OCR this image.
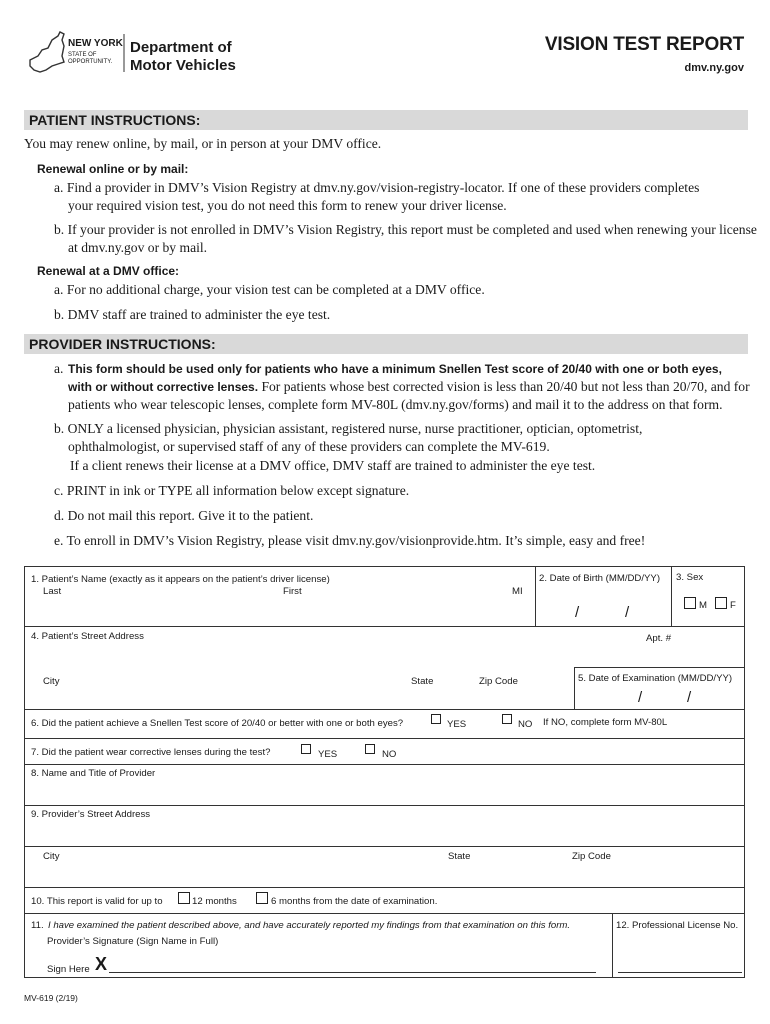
NEW YORK
STATE OF
OPPORTUNITY.
Department of
Motor Vehicles
VISION TEST REPORT
dmv.ny.gov
PATIENT INSTRUCTIONS:
You may renew online, by mail, or in person at your DMV office.
Renewal online or by mail:
a. Find a provider in DMV’s Vision Registry at dmv.ny.gov/vision-registry-locator. If one of these providers completes
your required vision test, you do not need this form to renew your driver license.
b. If your provider is not enrolled in DMV’s Vision Registry, this report must be completed and used when renewing your license
at dmv.ny.gov or by mail.
Renewal at a DMV office:
a. For no additional charge, your vision test can be completed at a DMV office.
b. DMV staff are trained to administer the eye test.
PROVIDER INSTRUCTIONS:
a. This form should be used only for patients who have a minimum Snellen Test score of 20/40 with one or both eyes,
with or without corrective lenses. For patients whose best corrected vision is less than 20/40 but not less than 20/70, and for
patients who wear telescopic lenses, complete form MV-80L (dmv.ny.gov/forms) and mail it to the address on that form.
b. ONLY a licensed physician, physician assistant, registered nurse, nurse practitioner, optician, optometrist,
ophthalmologist, or supervised staff of any of these providers can complete the MV-619.
If a client renews their license at a DMV office, DMV staff are trained to administer the eye test.
c. PRINT in ink or TYPE all information below except signature.
d. Do not mail this report. Give it to the patient.
e. To enroll in DMV’s Vision Registry, please visit dmv.ny.gov/visionprovide.htm. It’s simple, easy and free!
1. Patient’s Name (exactly as it appears on the patient’s driver license)
Last	First	MI
2. Date of Birth (MM/DD/YY)
/	/
3. Sex
M F
4. Patient’s Street Address	Apt. #
City	State	Zip Code	5. Date of Examination (MM/DD/YY)
/	/
6. Did the patient achieve a Snellen Test score of 20/40 or better with one or both eyes?	YES	NO If NO, complete form MV-80L
7. Did the patient wear corrective lenses during the test?	YES	NO
8. Name and Title of Provider
9. Provider’s Street Address
City	State	Zip Code
10. This report is valid for up to	12 months	6 months from the date of examination.
11. I have examined the patient described above, and have accurately reported my findings from that examination on this form.
Provider’s Signature (Sign Name in Full)
Sign Here X
12. Professional License No.
MV-619 (2/19)
